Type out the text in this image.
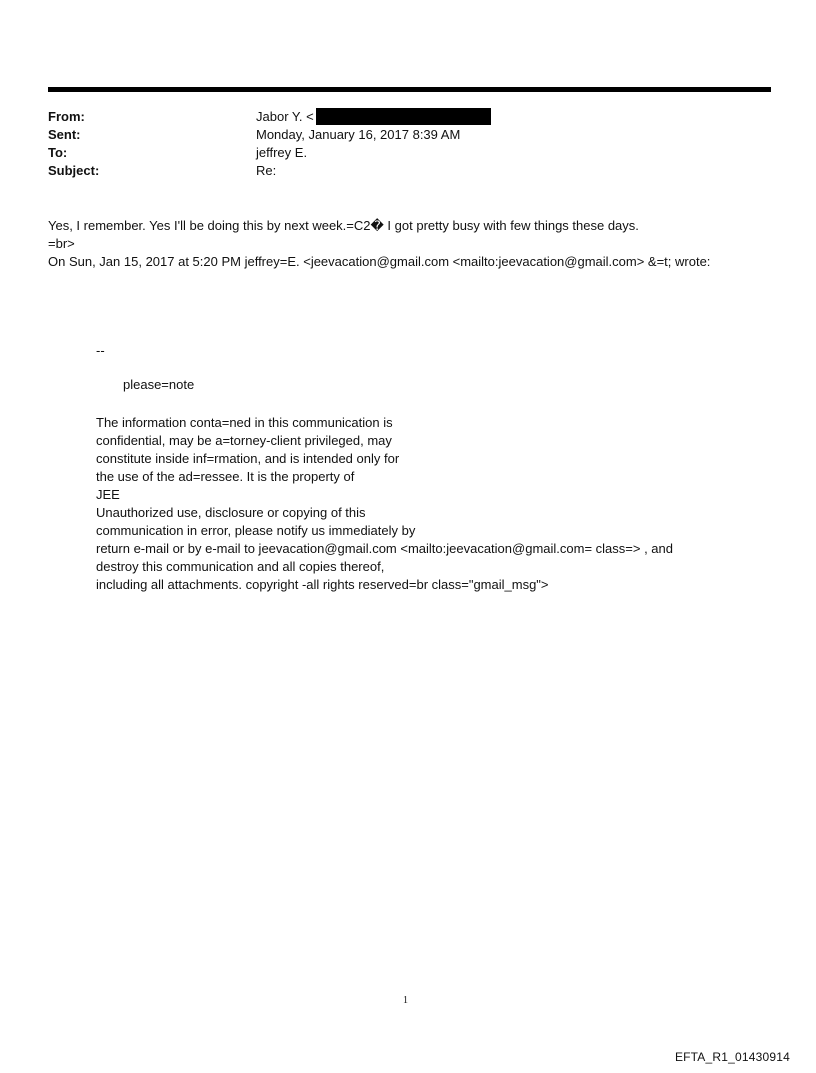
From:	Jabor Y. <
Sent:	Monday, January 16, 2017 8:39 AM
To:	jeffrey E.
Subject:	Re:
Yes, I remember. Yes I'll be doing this by next week.=C2� I got pretty busy with few things these days.
=br>
On Sun, Jan 15, 2017 at 5:20 PM jeffrey=E. <jeevacation@gmail.com <mailto:jeevacation@gmail.com> &=t; wrote:
--
please=note
The information conta=ned in this communication is
confidential, may be a=torney-client privileged, may
constitute inside inf=rmation, and is intended only for
the use of the ad=ressee. It is the property of
JEE
Unauthorized use, disclosure or copying of this
communication in error, please notify us immediately by
return e-mail or by e-mail to jeevacation@gmail.com <mailto:jeevacation@gmail.com= class=> , and
destroy this communication and all copies thereof,
including all attachments. copyright -all rights reserved=br class="gmail_msg">
1
EFTA_R1_01430914
